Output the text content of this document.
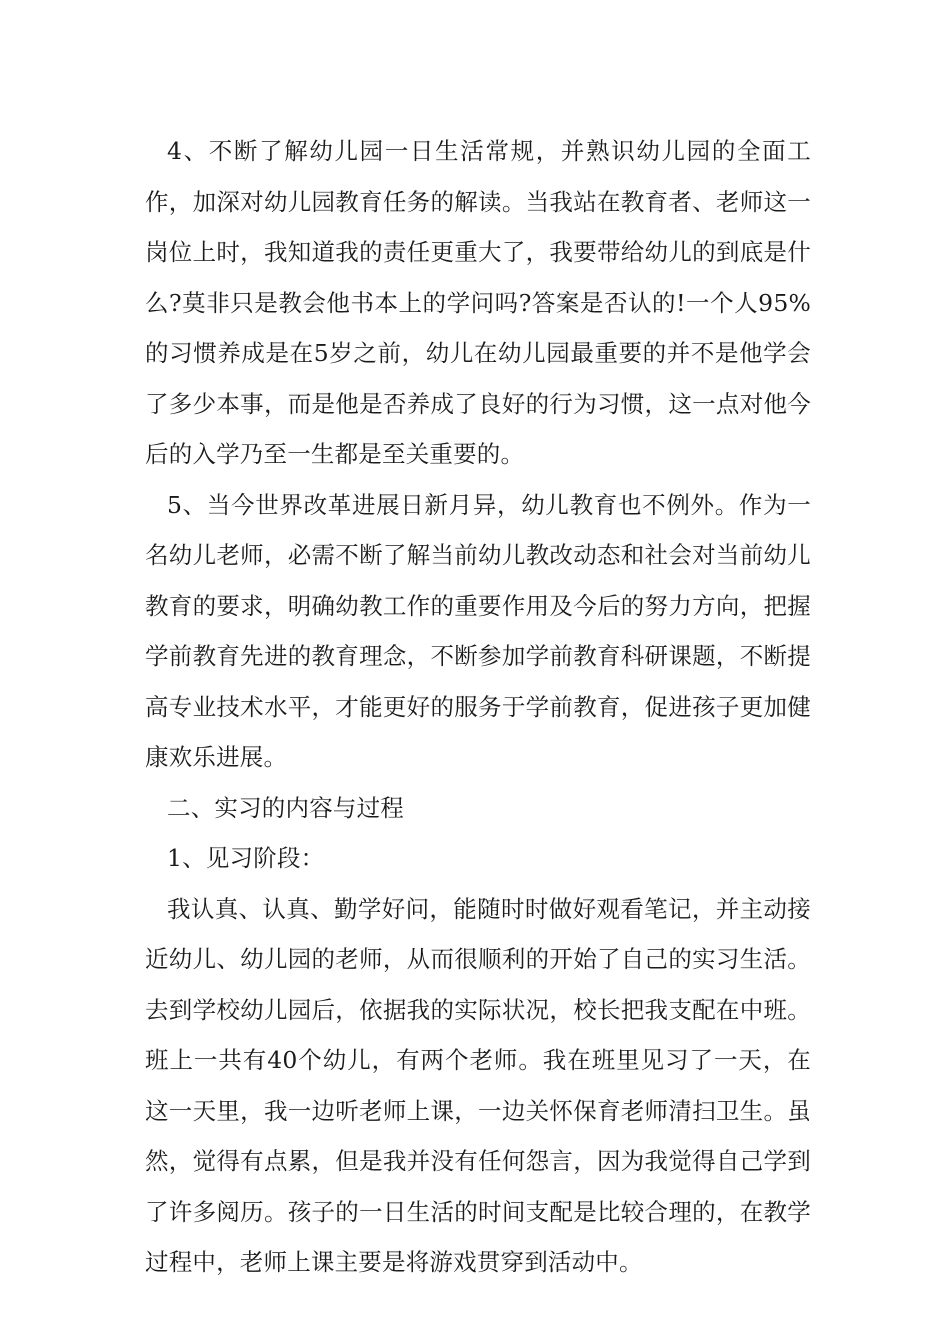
4、不断了解幼儿园一日生活常规，并熟识幼儿园的全面工作，加深对幼儿园教育任务的解读。当我站在教育者、老师这一岗位上时，我知道我的责任更重大了，我要带给幼儿的到底是什么?莫非只是教会他书本上的学问吗?答案是否认的!一个人95%的习惯养成是在5岁之前，幼儿在幼儿园最重要的并不是他学会了多少本事，而是他是否养成了良好的行为习惯，这一点对他今后的入学乃至一生都是至关重要的。

5、当今世界改革进展日新月异，幼儿教育也不例外。作为一名幼儿老师，必需不断了解当前幼儿教改动态和社会对当前幼儿教育的要求，明确幼教工作的重要作用及今后的努力方向，把握学前教育先进的教育理念，不断参加学前教育科研课题，不断提高专业技术水平，才能更好的服务于学前教育，促进孩子更加健康欢乐进展。

二、实习的内容与过程

1、见习阶段：

我认真、认真、勤学好问，能随时时做好观看笔记，并主动接近幼儿、幼儿园的老师，从而很顺利的开始了自己的实习生活。去到学校幼儿园后，依据我的实际状况，校长把我支配在中班。班上一共有40个幼儿，有两个老师。我在班里见习了一天，在这一天里，我一边听老师上课，一边关怀保育老师清扫卫生。虽然，觉得有点累，但是我并没有任何怨言，因为我觉得自己学到了许多阅历。孩子的一日生活的时间支配是比较合理的，在教学过程中，老师上课主要是将游戏贯穿到活动中。
